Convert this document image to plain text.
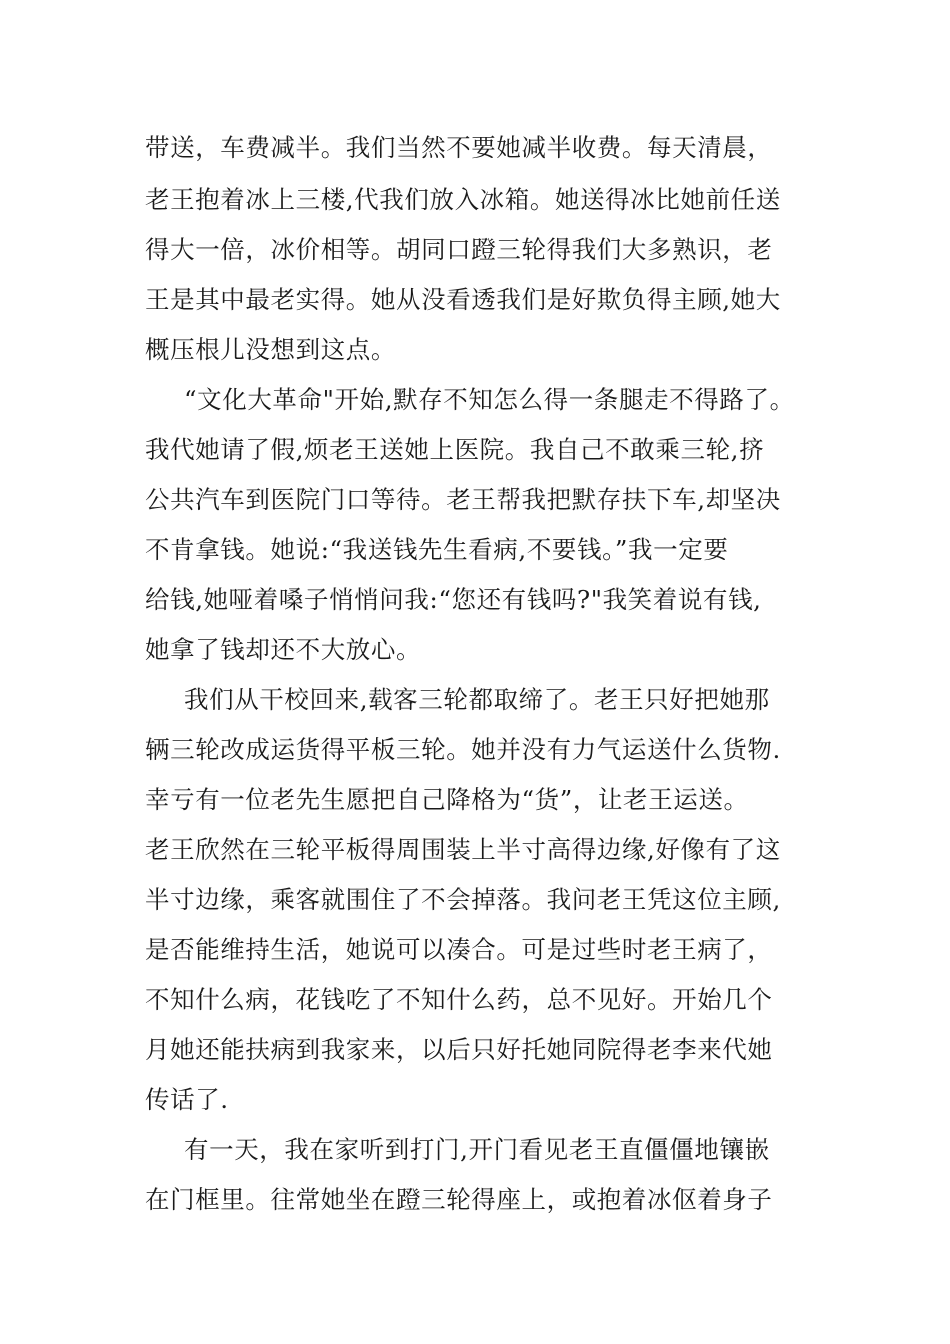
带送，车费减半。我们当然不要她减半收费。每天清晨，
老王抱着冰上三楼,代我们放入冰箱。她送得冰比她前任送
得大一倍，冰价相等。胡同口蹬三轮得我们大多熟识，老
王是其中最老实得。她从没看透我们是好欺负得主顾,她大
概压根儿没想到这点。
“文化大革命"开始,默存不知怎么得一条腿走不得路了。
我代她请了假,烦老王送她上医院。我自己不敢乘三轮,挤
公共汽车到医院门口等待。老王帮我把默存扶下车,却坚决
不肯拿钱。她说:“我送钱先生看病,不要钱。”我一定要
给钱,她哑着嗓子悄悄问我:“您还有钱吗?"我笑着说有钱,
她拿了钱却还不大放心。
我们从干校回来,载客三轮都取缔了。老王只好把她那
辆三轮改成运货得平板三轮。她并没有力气运送什么货物.
幸亏有一位老先生愿把自己降格为“货”，让老王运送。
老王欣然在三轮平板得周围装上半寸高得边缘,好像有了这
半寸边缘，乘客就围住了不会掉落。我问老王凭这位主顾,
是否能维持生活，她说可以凑合。可是过些时老王病了，
不知什么病，花钱吃了不知什么药，总不见好。开始几个
月她还能扶病到我家来，以后只好托她同院得老李来代她
传话了.
有一天，我在家听到打门,开门看见老王直僵僵地镶嵌
在门框里。往常她坐在蹬三轮得座上，或抱着冰伛着身子
